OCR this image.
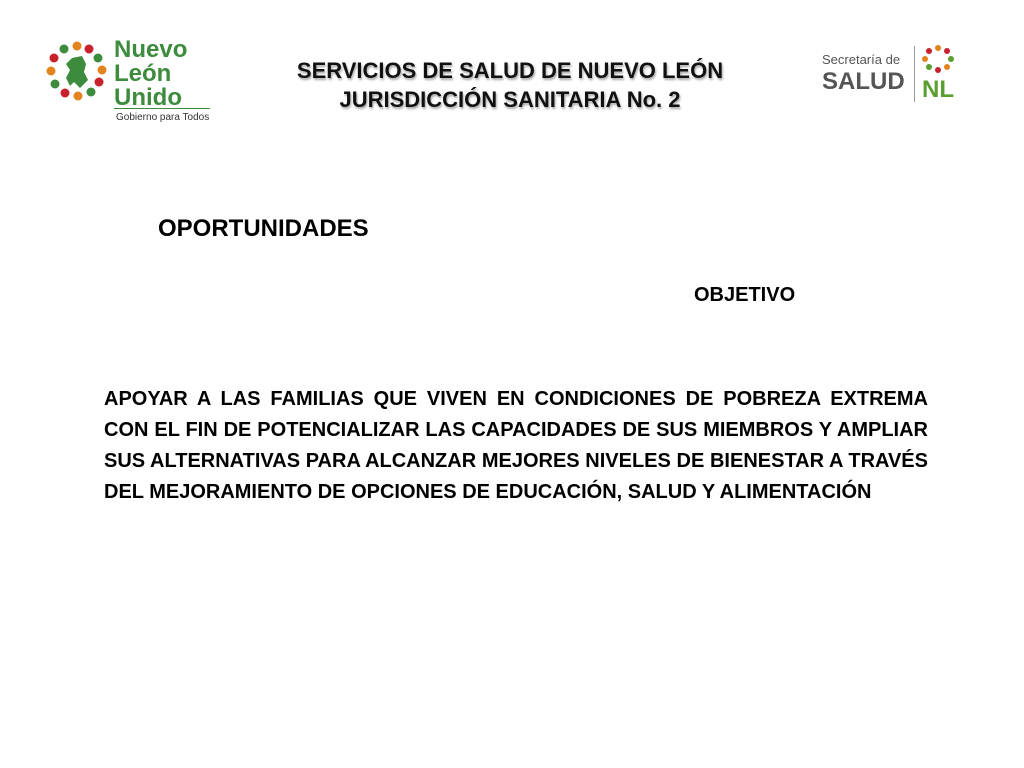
Nuevo
León
Unido
Gobierno para Todos
SERVICIOS DE SALUD DE NUEVO LEÓN
JURISDICCIÓN SANITARIA No. 2
Secretaría de
SALUD NL
OPORTUNIDADES
OBJETIVO
APOYAR A LAS FAMILIAS QUE VIVEN EN CONDICIONES DE POBREZA EXTREMA CON EL FIN DE POTENCIALIZAR LAS CAPACIDADES DE SUS MIEMBROS Y AMPLIAR SUS ALTERNATIVAS PARA ALCANZAR MEJORES NIVELES DE BIENESTAR A TRAVÉS DEL MEJORAMIENTO DE OPCIONES DE EDUCACIÓN, SALUD Y ALIMENTACIÓN
